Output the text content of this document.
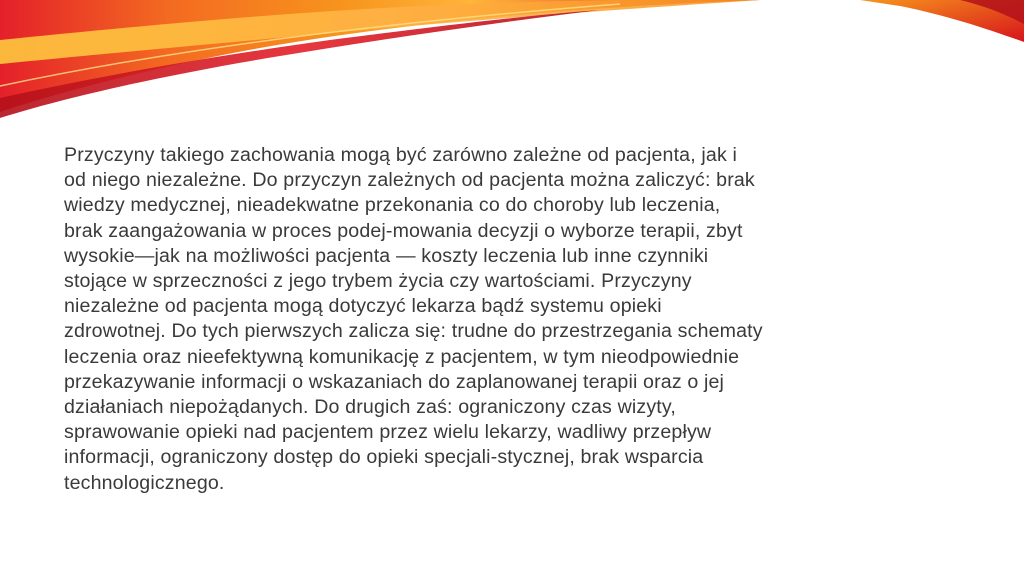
Przyczyny takiego zachowania mogą być zarówno zależne od pacjenta, jak i
od niego niezależne. Do przyczyn zależnych od pacjenta można zaliczyć: brak
wiedzy medycznej, nieadekwatne przekonania co do choroby lub leczenia,
brak zaangażowania w proces podej-mowania decyzji o wyborze terapii, zbyt
wysokie—jak na możliwości pacjenta — koszty leczenia lub inne czynniki
stojące w sprzeczności z jego trybem życia czy wartościami. Przyczyny
niezależne od pacjenta mogą dotyczyć lekarza bądź systemu opieki
zdrowotnej. Do tych pierwszych zalicza się: trudne do przestrzegania schematy
leczenia oraz nieefektywną komunikację z pacjentem, w tym nieodpowiednie
przekazywanie informacji o wskazaniach do zaplanowanej terapii oraz o jej
działaniach niepożądanych. Do drugich zaś: ograniczony czas wizyty,
sprawowanie opieki nad pacjentem przez wielu lekarzy, wadliwy przepływ
informacji, ograniczony dostęp do opieki specjali-stycznej, brak wsparcia
technologicznego.
